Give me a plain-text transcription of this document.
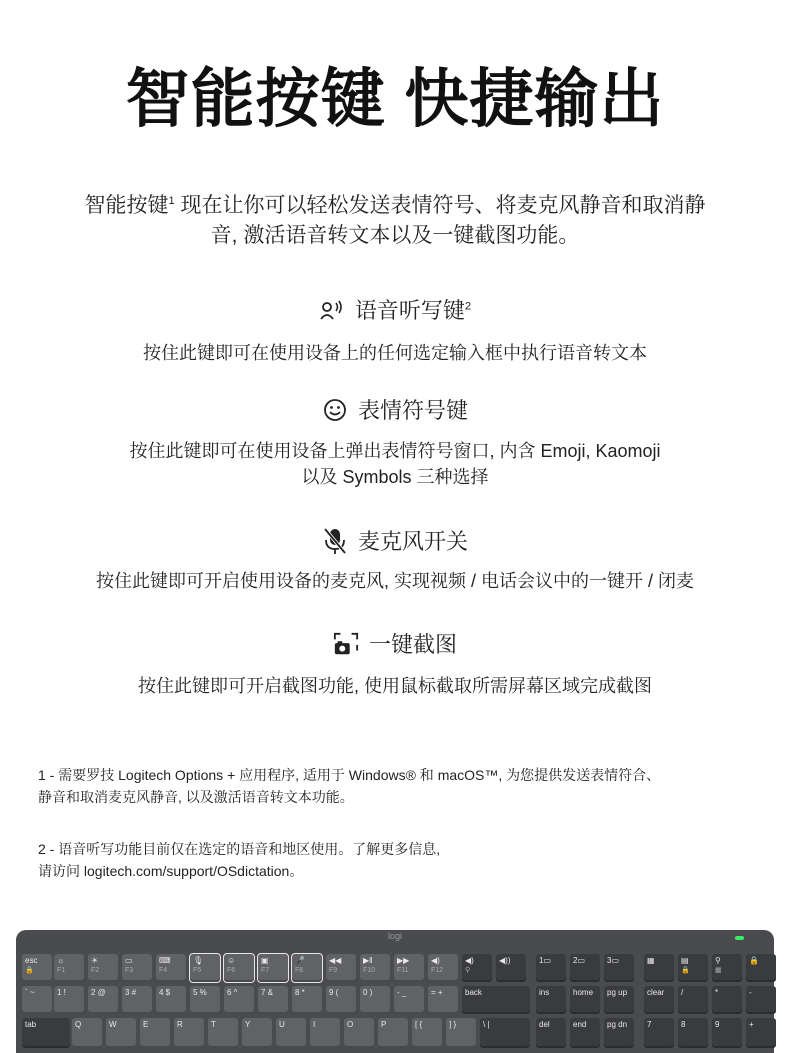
智能按键 快捷输出
智能按键$^1$ 现在让你可以轻松发送表情符号、将麦克风静音和取消静
音, 激活语音转文本以及一键截图功能。
语音听写键$^2$
按住此键即可在使用设备上的任何选定输入框中执行语音转文本
表情符号键
按住此键即可在使用设备上弹出表情符号窗口, 内含 Emoji, Kaomoji
以及 Symbols 三种选择
麦克风开关
按住此键即可开启使用设备的麦克风, 实现视频 / 电话会议中的一键开 / 闭麦
一键截图
按住此键即可开启截图功能, 使用鼠标截取所需屏幕区域完成截图
1 - 需要罗技 Logitech Options + 应用程序, 适用于 Windows® 和 macOS™, 为您提供发送表情符合、
静音和取消麦克风静音, 以及激活语音转文本功能。
2 - 语音听写功能目前仅在选定的语音和地区使用。了解更多信息,
请访问 logitech.com/support/OSdictation。
logi
esc
🔒
☼
F1
☀
F2
▭
F3
⌨
F4
🎙
F5
☺
F6
▣
F7
🎤
F8
◀◀
F9
▶‖
F10
▶▶
F11
◀)
F12
◀)
⚲
◀))	1▭	2▭	3▭	▦	▤
🔒
⚲
▦
🔒
` ~	1 !	2 @	3 #	4 $	5 %	6 ^	7 &	8 *	9 (	0 )	- _	= +	back	ins	home	pg up	clear	/	*	-
tab	Q	W	E	R	T	Y	U	I	O	P	[ {	] }	\ |	del	end	pg dn	7	8	9	+
